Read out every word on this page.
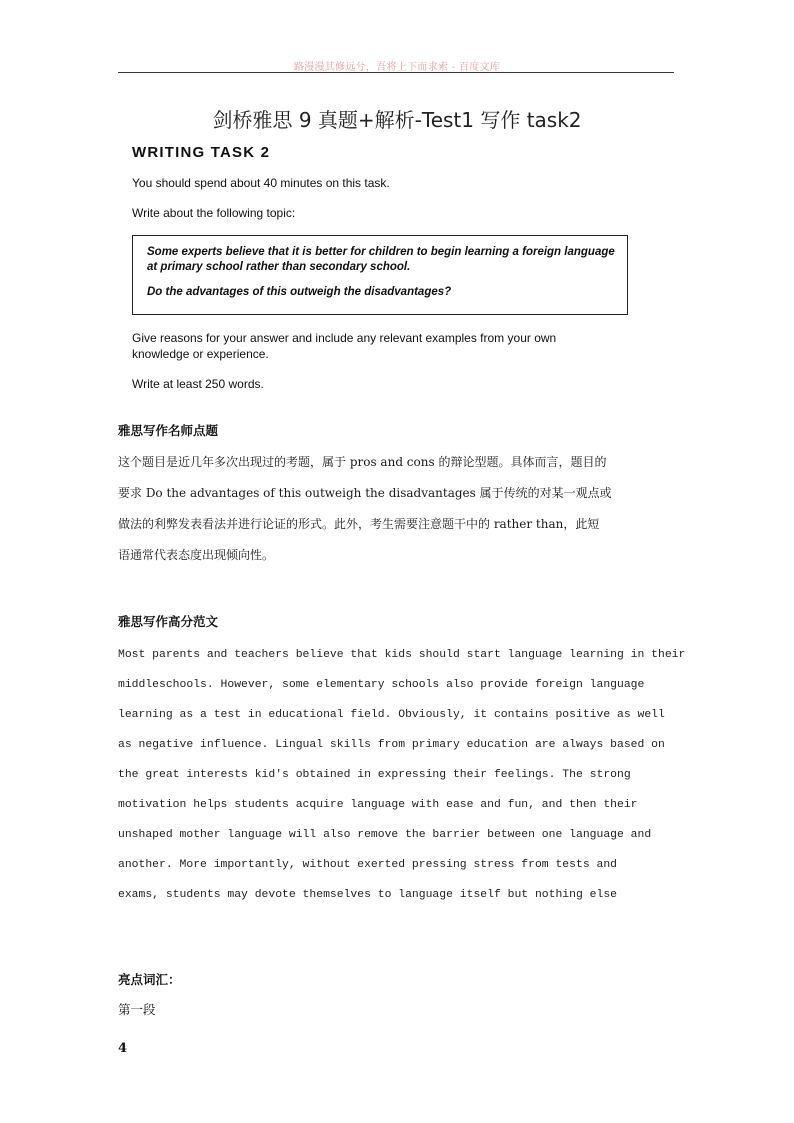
路漫漫其修远兮，吾将上下而求索 - 百度文库
剑桥雅思 9 真题+解析-Test1 写作 task2
WRITING TASK 2
You should spend about 40 minutes on this task.
Write about the following topic:

Some experts believe that it is better for children to begin learning a foreign language at primary school rather than secondary school.

Do the advantages of this outweigh the disadvantages?

Give reasons for your answer and include any relevant examples from your own
knowledge or experience.
Write at least 250 words.
雅思写作名师点题
这个题目是近几年多次出现过的考题，属于 pros and cons 的辩论型题。具体而言，题目的
要求 Do the advantages of this outweigh the disadvantages 属于传统的对某一观点或
做法的利弊发表看法并进行论证的形式。此外，考生需要注意题干中的 rather than，此短
语通常代表态度出现倾向性。
雅思写作高分范文
Most parents and teachers believe that kids should start language learning in their
middleschools. However, some elementary schools also provide foreign language
learning as a test in educational field. Obviously, it contains positive as well
as negative influence. Lingual skills from primary education are always based on
the great interests kid's obtained in expressing their feelings. The strong
motivation helps students acquire language with ease and fun, and then their
unshaped mother language will also remove the barrier between one language and
another. More importantly, without exerted pressing stress from tests and
exams, students may devote themselves to language itself but nothing else
亮点词汇：
第一段
4
